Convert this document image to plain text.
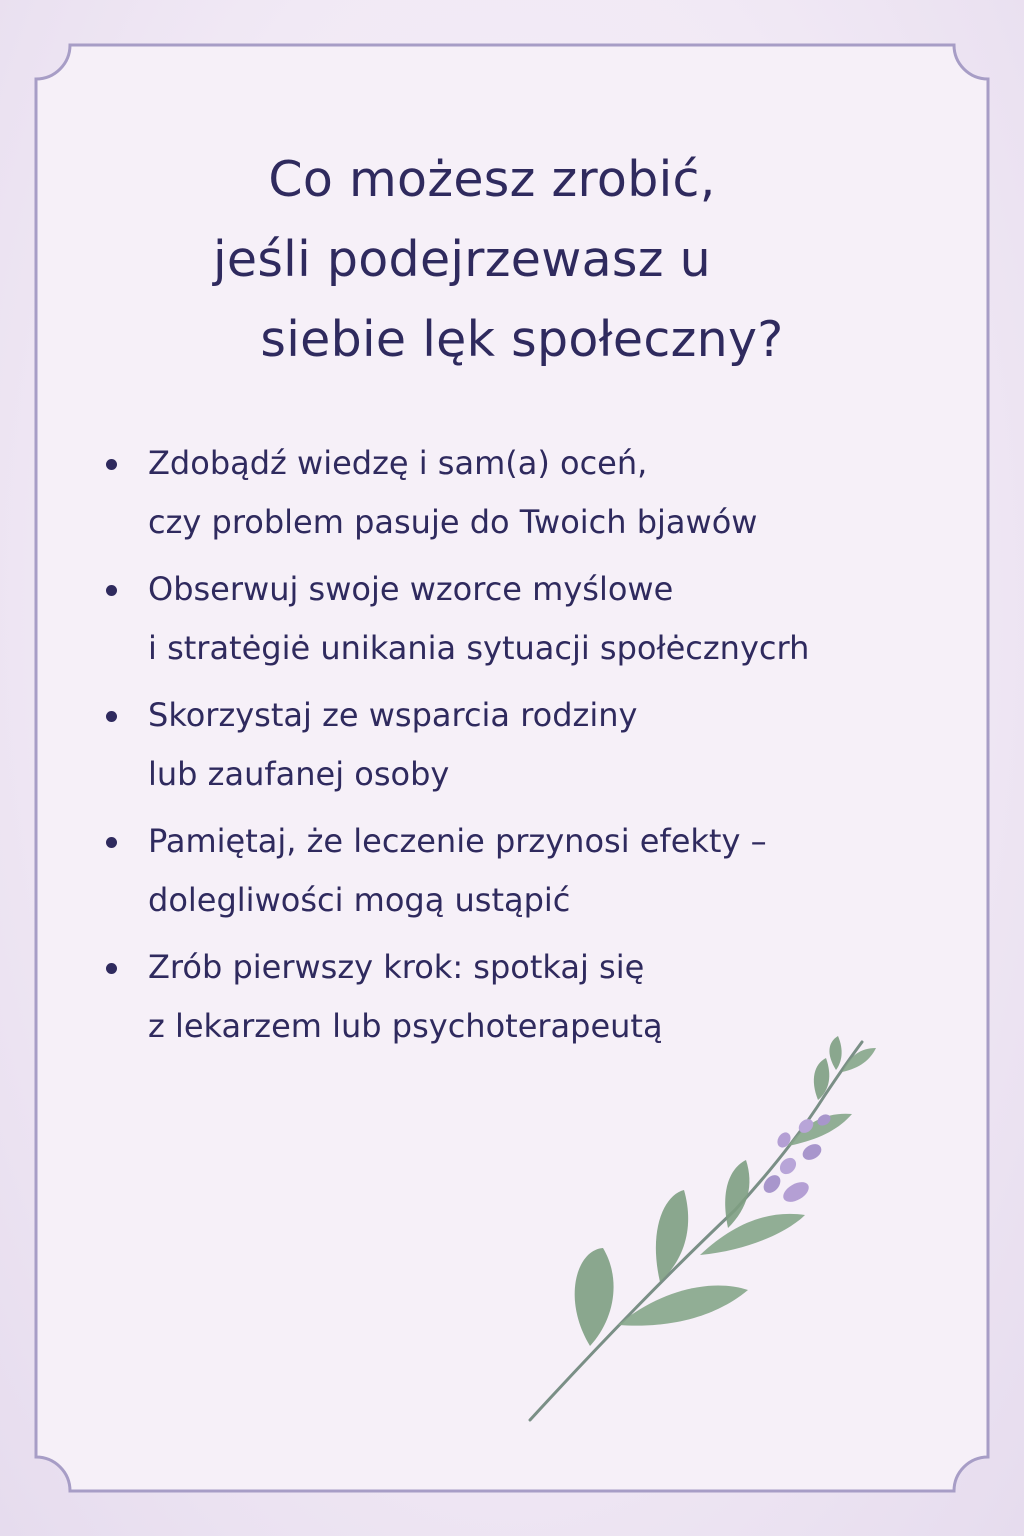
Co możesz zrobić,
jeśli podejrzewasz u
siebie lęk społeczny?
Zdobądź wiedzę i sam(a) oceń,
czy problem pasuje do Twoich bjawów
Obserwuj swoje wzorce myślowe
i stratėgiė unikania sytuacji społėcznycrh
Skorzystaj ze wsparcia rodziny
lub zaufanej osoby
Pamiętaj, że leczenie przynosi efekty –
dolegliwości mogą ustąpić
Zrób pierwszy krok: spotkaj się
z lekarzem lub psychoterapeutą
